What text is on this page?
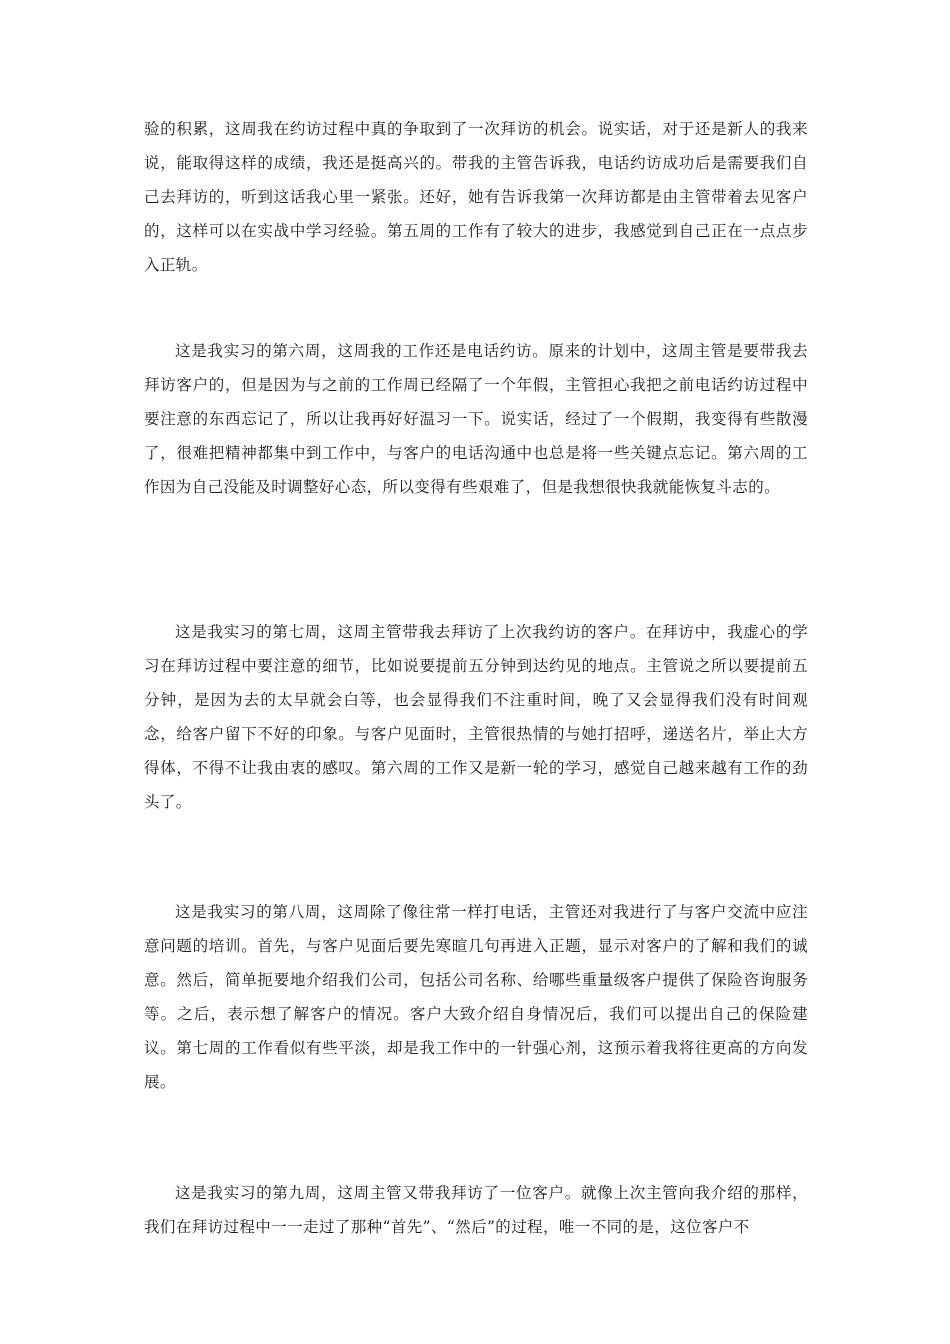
验的积累，这周我在约访过程中真的争取到了一次拜访的机会。说实话，对于还是新人的我来说，能取得这样的成绩，我还是挺高兴的。带我的主管告诉我，电话约访成功后是需要我们自己去拜访的，听到这话我心里一紧张。还好，她有告诉我第一次拜访都是由主管带着去见客户的，这样可以在实战中学习经验。第五周的工作有了较大的进步，我感觉到自己正在一点点步入正轨。

这是我实习的第六周，这周我的工作还是电话约访。原来的计划中，这周主管是要带我去拜访客户的，但是因为与之前的工作周已经隔了一个年假，主管担心我把之前电话约访过程中要注意的东西忘记了，所以让我再好好温习一下。说实话，经过了一个假期，我变得有些散漫了，很难把精神都集中到工作中，与客户的电话沟通中也总是将一些关键点忘记。第六周的工作因为自己没能及时调整好心态，所以变得有些艰难了，但是我想很快我就能恢复斗志的。

这是我实习的第七周，这周主管带我去拜访了上次我约访的客户。在拜访中，我虚心的学习在拜访过程中要注意的细节，比如说要提前五分钟到达约见的地点。主管说之所以要提前五分钟，是因为去的太早就会白等，也会显得我们不注重时间，晚了又会显得我们没有时间观念，给客户留下不好的印象。与客户见面时，主管很热情的与她打招呼，递送名片，举止大方得体，不得不让我由衷的感叹。第六周的工作又是新一轮的学习，感觉自己越来越有工作的劲头了。

这是我实习的第八周，这周除了像往常一样打电话，主管还对我进行了与客户交流中应注意问题的培训。首先，与客户见面后要先寒暄几句再进入正题，显示对客户的了解和我们的诚意。然后，简单扼要地介绍我们公司，包括公司名称、给哪些重量级客户提供了保险咨询服务等。之后，表示想了解客户的情况。客户大致介绍自身情况后，我们可以提出自己的保险建议。第七周的工作看似有些平淡，却是我工作中的一针强心剂，这预示着我将往更高的方向发展。

这是我实习的第九周，这周主管又带我拜访了一位客户。就像上次主管向我介绍的那样，我们在拜访过程中一一走过了那种“首先”、“然后”的过程，唯一不同的是，这位客户不
